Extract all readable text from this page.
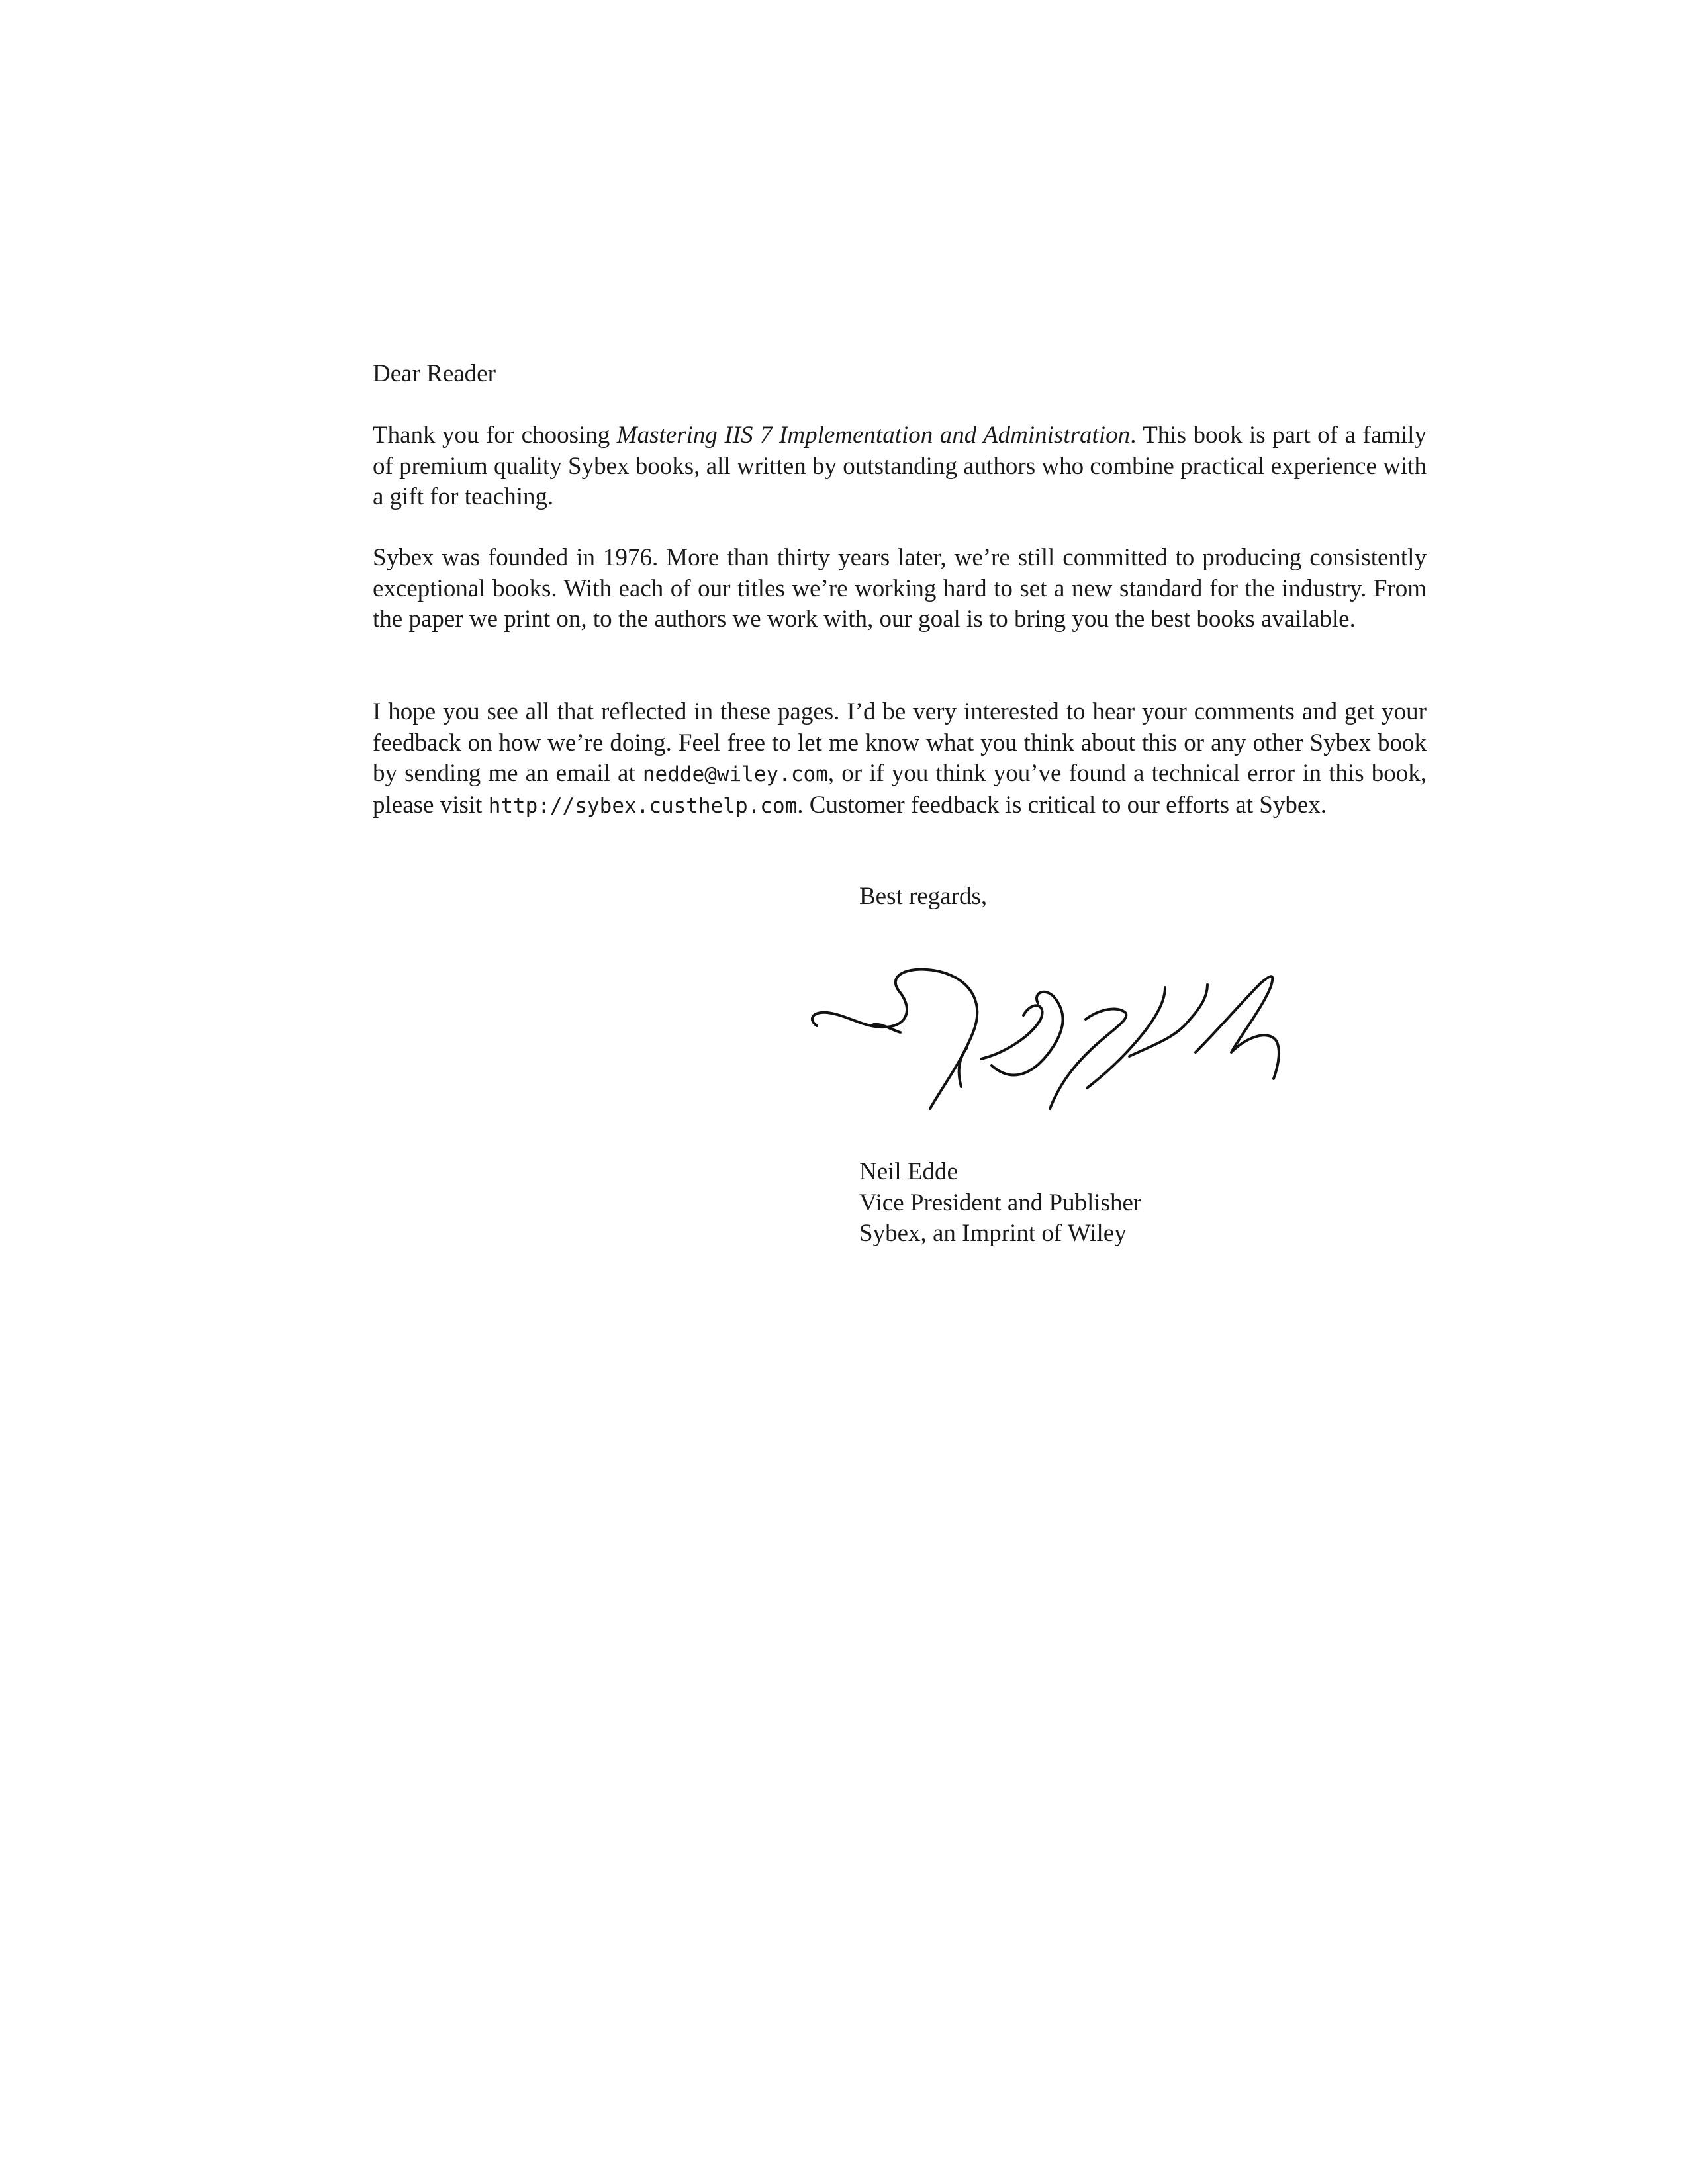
Dear Reader
Thank you for choosing Mastering IIS 7 Implementation and Administration. This book is part of a family of premium quality Sybex books, all written by outstanding authors who combine practical experience with a gift for teaching.
Sybex was founded in 1976. More than thirty years later, we’re still committed to producing consistently exceptional books. With each of our titles we’re working hard to set a new standard for the industry. From the paper we print on, to the authors we work with, our goal is to bring you the best books available.
I hope you see all that reflected in these pages. I’d be very interested to hear your comments and get your feedback on how we’re doing. Feel free to let me know what you think about this or any other Sybex book by sending me an email at nedde@wiley.com, or if you think you’ve found a technical error in this book, please visit http://sybex.custhelp.com. Customer feedback is critical to our efforts at Sybex.
Best regards,
Neil Edde
Vice President and Publisher
Sybex, an Imprint of Wiley
